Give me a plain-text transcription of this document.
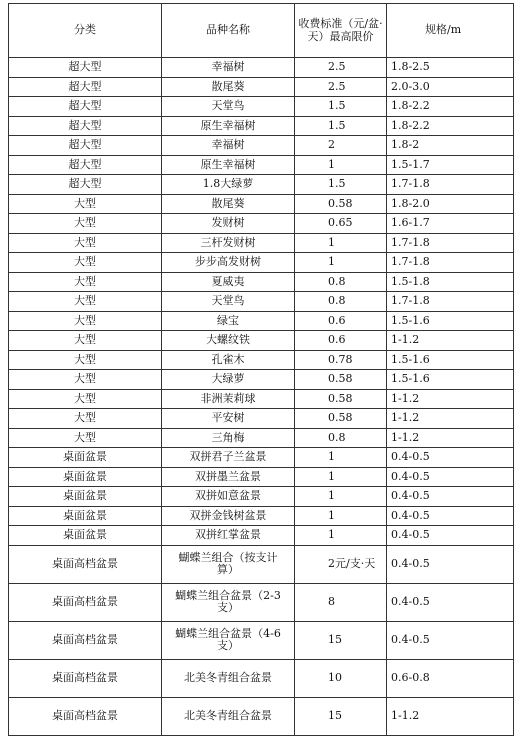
分类	品种名称	收费标准（元/盆·天）最高限价	规格/m
超大型	幸福树	2.5	1.8-2.5
超大型	散尾葵	2.5	2.0-3.0
超大型	天堂鸟	1.5	1.8-2.2
超大型	原生幸福树	1.5	1.8-2.2
超大型	幸福树	2	1.8-2
超大型	原生幸福树	1	1.5-1.7
超大型	1.8大绿萝	1.5	1.7-1.8
大型	散尾葵	0.58	1.8-2.0
大型	发财树	0.65	1.6-1.7
大型	三杆发财树	1	1.7-1.8
大型	步步高发财树	1	1.7-1.8
大型	夏威夷	0.8	1.5-1.8
大型	天堂鸟	0.8	1.7-1.8
大型	绿宝	0.6	1.5-1.6
大型	大螺纹铁	0.6	1-1.2
大型	孔雀木	0.78	1.5-1.6
大型	大绿萝	0.58	1.5-1.6
大型	非洲茉莉球	0.58	1-1.2
大型	平安树	0.58	1-1.2
大型	三角梅	0.8	1-1.2
桌面盆景	双拼君子兰盆景	1	0.4-0.5
桌面盆景	双拼墨兰盆景	1	0.4-0.5
桌面盆景	双拼如意盆景	1	0.4-0.5
桌面盆景	双拼金钱树盆景	1	0.4-0.5
桌面盆景	双拼红掌盆景	1	0.4-0.5
桌面高档盆景	蝴蝶兰组合（按支计算）	2元/支·天	0.4-0.5
桌面高档盆景	蝴蝶兰组合盆景（2-3支）	8	0.4-0.5
桌面高档盆景	蝴蝶兰组合盆景（4-6支）	15	0.4-0.5
桌面高档盆景	北美冬青组合盆景	10	0.6-0.8
桌面高档盆景	北美冬青组合盆景	15	1-1.2
